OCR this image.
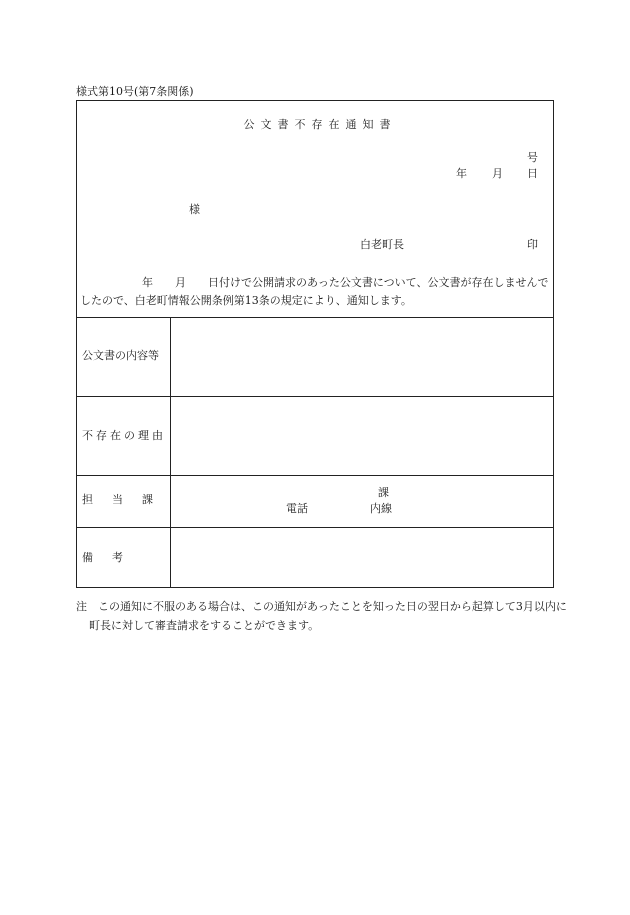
様式第10号(第7条関係)
公文書不存在通知書
号
年 月 日
様
白老町長	印
年　　月　　日付けで公開請求のあった公文書について、公文書が存在しませんでしたので、白老町情報公開条例第13条の規定により、通知します。
公文書の内容等
不存在の理由
担　当　課
課
電話	内線
備　考
注　この通知に不服のある場合は、この通知があったことを知った日の翌日から起算して3月以内に町長に対して審査請求をすることができます。
